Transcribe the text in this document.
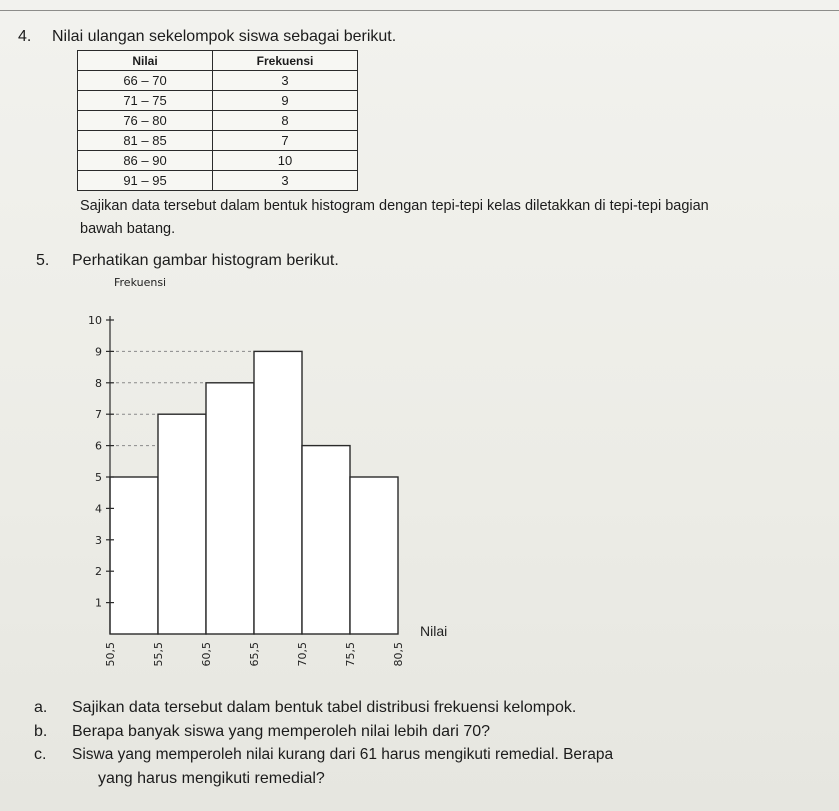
4. Nilai ulangan sekelompok siswa sebagai berikut.
Nilai	Frekuensi
66 – 70	3
71 – 75	9
76 – 80	8
81 – 85	7
86 – 90	10
91 – 95	3
Sajikan data tersebut dalam bentuk histogram dengan tepi-tepi kelas diletakkan di tepi-tepi bagian
bawah batang.
5. Perhatikan gambar histogram berikut.
1
2
3
4
5
6
7
8
9
10
Frekuensi
50,5	55,5	60,5	65,5	70,5	75,5	80,5
Nilai
a. Sajikan data tersebut dalam bentuk tabel distribusi frekuensi kelompok.
b. Berapa banyak siswa yang memperoleh nilai lebih dari 70?
c. Siswa yang memperoleh nilai kurang dari 61 harus mengikuti remedial. Berapa
yang harus mengikuti remedial?
